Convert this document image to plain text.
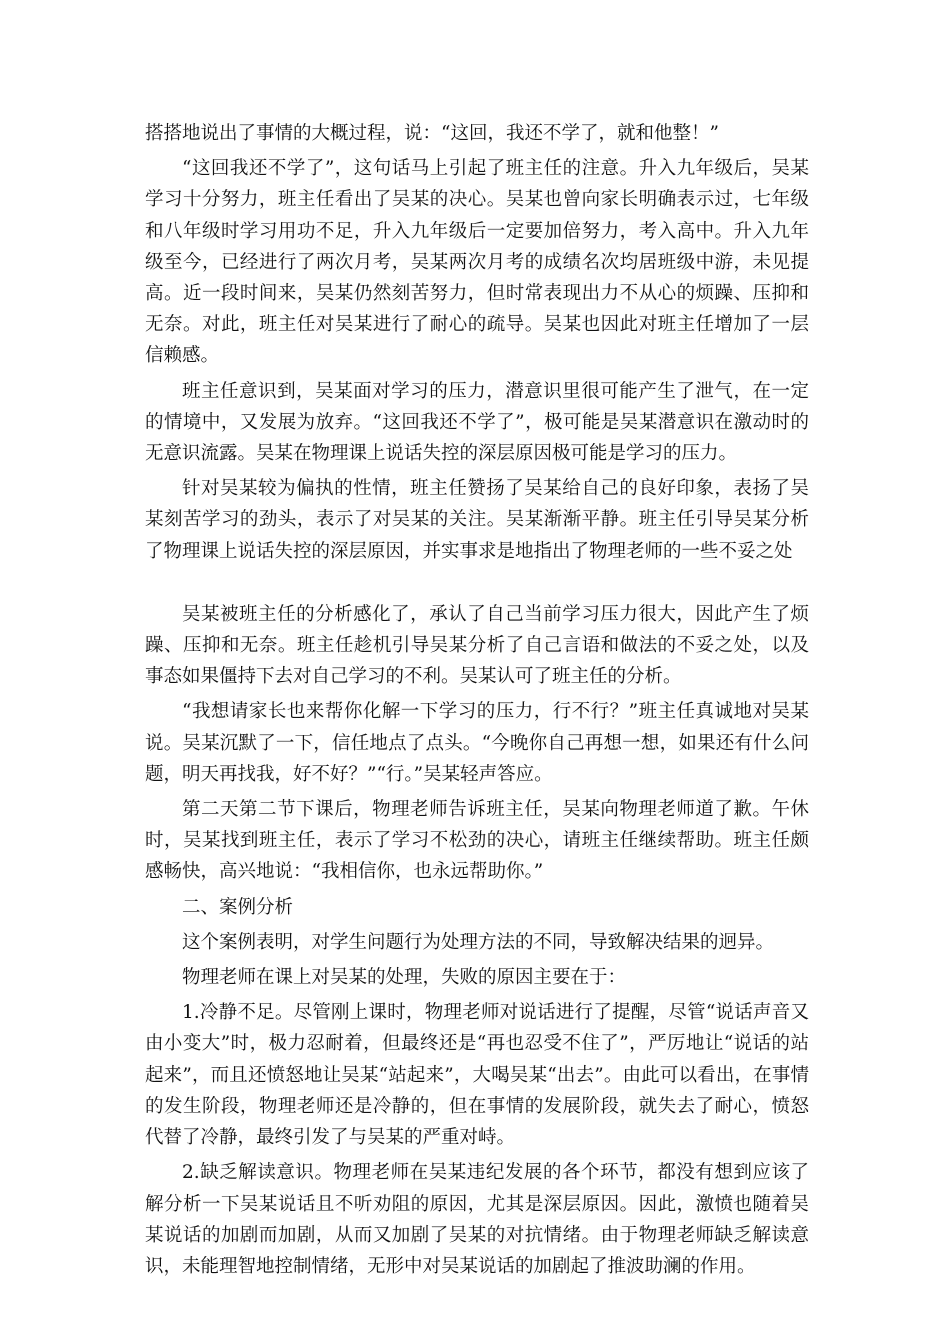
搭搭地说出了事情的大概过程，说：“这回，我还不学了，就和他整！”

“这回我还不学了”，这句话马上引起了班主任的注意。升入九年级后，吴某学习十分努力，班主任看出了吴某的决心。吴某也曾向家长明确表示过，七年级和八年级时学习用功不足，升入九年级后一定要加倍努力，考入高中。升入九年级至今，已经进行了两次月考，吴某两次月考的成绩名次均居班级中游，未见提高。近一段时间来，吴某仍然刻苦努力，但时常表现出力不从心的烦躁、压抑和无奈。对此，班主任对吴某进行了耐心的疏导。吴某也因此对班主任增加了一层信赖感。

班主任意识到，吴某面对学习的压力，潜意识里很可能产生了泄气，在一定的情境中，又发展为放弃。“这回我还不学了”，极可能是吴某潜意识在激动时的无意识流露。吴某在物理课上说话失控的深层原因极可能是学习的压力。

针对吴某较为偏执的性情，班主任赞扬了吴某给自己的良好印象，表扬了吴某刻苦学习的劲头，表示了对吴某的关注。吴某渐渐平静。班主任引导吴某分析了物理课上说话失控的深层原因，并实事求是地指出了物理老师的一些不妥之处

吴某被班主任的分析感化了，承认了自己当前学习压力很大，因此产生了烦躁、压抑和无奈。班主任趁机引导吴某分析了自己言语和做法的不妥之处，以及事态如果僵持下去对自己学习的不利。吴某认可了班主任的分析。

“我想请家长也来帮你化解一下学习的压力，行不行？”班主任真诚地对吴某说。吴某沉默了一下，信任地点了点头。“今晚你自己再想一想，如果还有什么问题，明天再找我，好不好？”“行。”吴某轻声答应。

第二天第二节下课后，物理老师告诉班主任，吴某向物理老师道了歉。午休时，吴某找到班主任，表示了学习不松劲的决心，请班主任继续帮助。班主任颇感畅快，高兴地说：“我相信你，也永远帮助你。”

二、案例分析

这个案例表明，对学生问题行为处理方法的不同，导致解决结果的迥异。

物理老师在课上对吴某的处理，失败的原因主要在于：

1.冷静不足。尽管刚上课时，物理老师对说话进行了提醒，尽管“说话声音又由小变大”时，极力忍耐着，但最终还是“再也忍受不住了”，严厉地让“说话的站起来”，而且还愤怒地让吴某“站起来”，大喝吴某“出去”。由此可以看出，在事情的发生阶段，物理老师还是冷静的，但在事情的发展阶段，就失去了耐心，愤怒代替了冷静，最终引发了与吴某的严重对峙。

2.缺乏解读意识。物理老师在吴某违纪发展的各个环节，都没有想到应该了解分析一下吴某说话且不听劝阻的原因，尤其是深层原因。因此，激愤也随着吴某说话的加剧而加剧，从而又加剧了吴某的对抗情绪。由于物理老师缺乏解读意识，未能理智地控制情绪，无形中对吴某说话的加剧起了推波助澜的作用。
